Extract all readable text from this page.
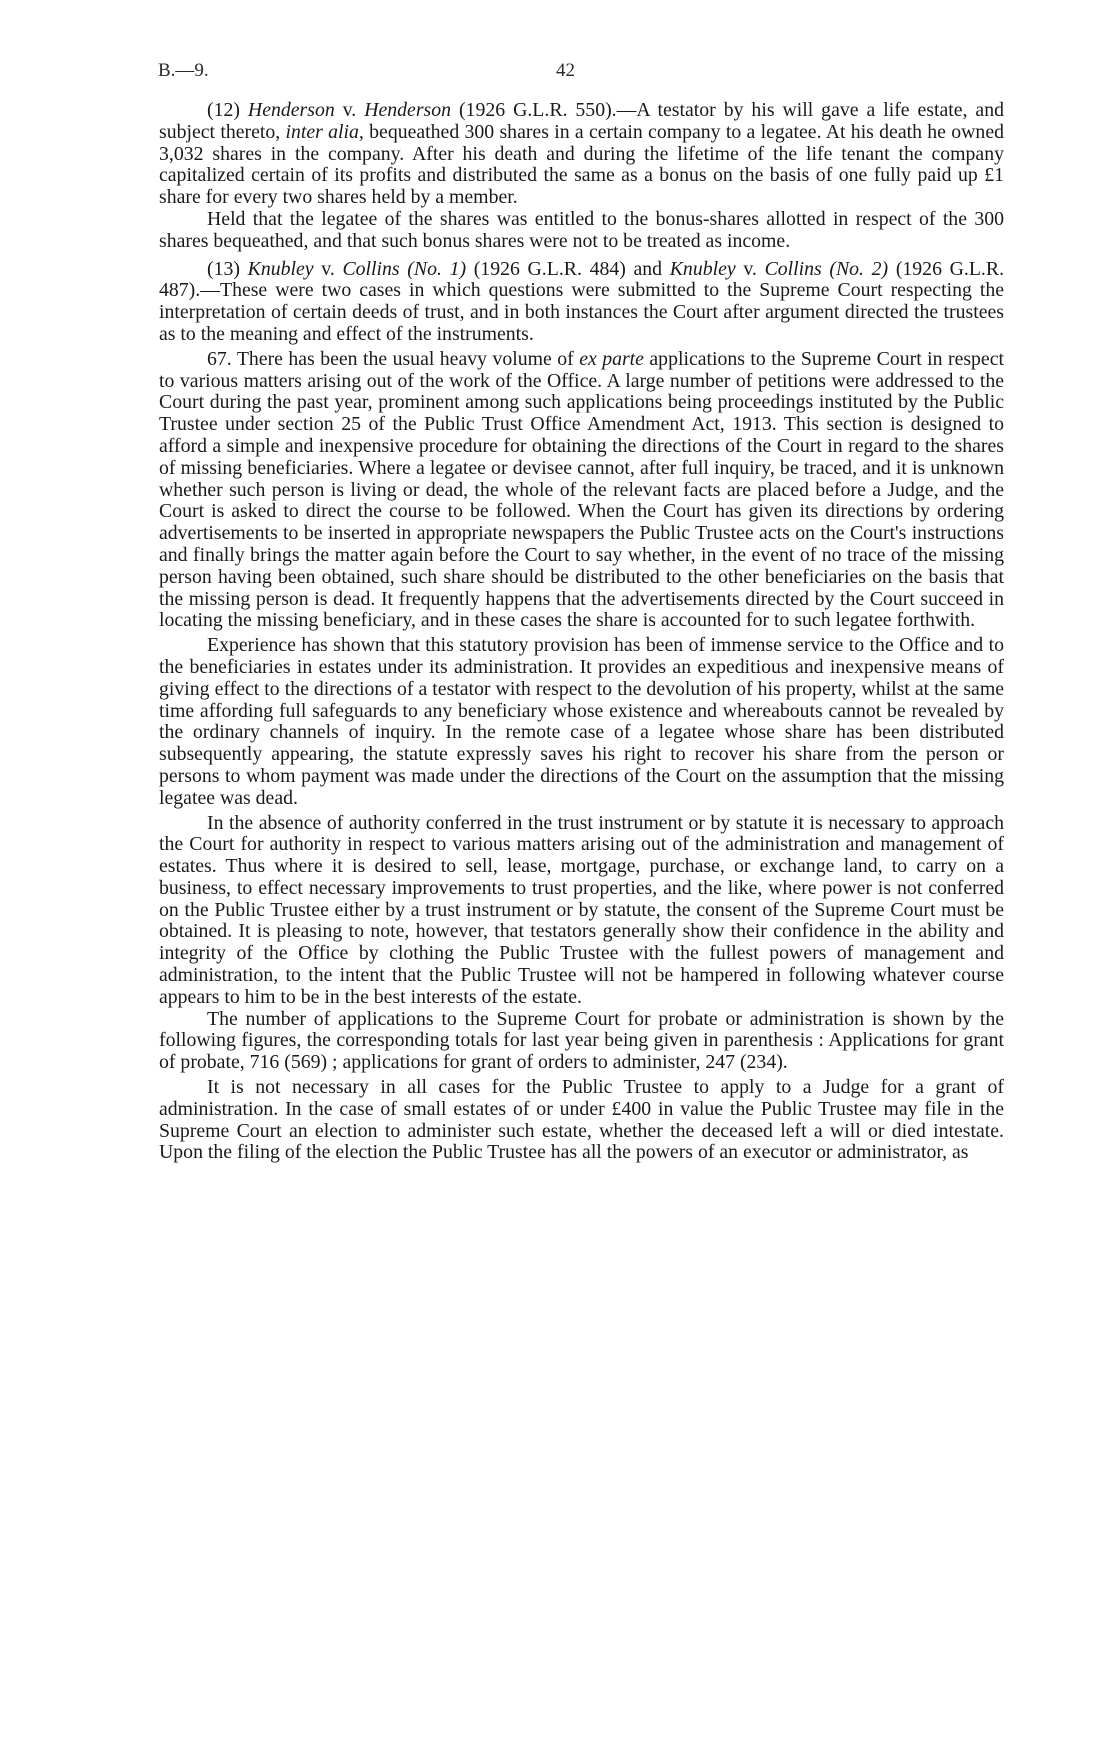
B.—9.	42

(12) Henderson v. Henderson (1926 G.L.R. 550).—A testator by his will gave a life estate, and subject thereto, inter alia, bequeathed 300 shares in a certain company to a legatee. At his death he owned 3,032 shares in the company. After his death and during the lifetime of the life tenant the company capitalized certain of its profits and distributed the same as a bonus on the basis of one fully paid up £1 share for every two shares held by a member.

Held that the legatee of the shares was entitled to the bonus-shares allotted in respect of the 300 shares bequeathed, and that such bonus shares were not to be treated as income.

(13) Knubley v. Collins (No. 1) (1926 G.L.R. 484) and Knubley v. Collins (No. 2) (1926 G.L.R. 487).—These were two cases in which questions were submitted to the Supreme Court respecting the interpretation of certain deeds of trust, and in both instances the Court after argument directed the trustees as to the meaning and effect of the instruments.

67. There has been the usual heavy volume of ex parte applications to the Supreme Court in respect to various matters arising out of the work of the Office. A large number of petitions were addressed to the Court during the past year, prominent among such applications being proceedings instituted by the Public Trustee under section 25 of the Public Trust Office Amendment Act, 1913. This section is designed to afford a simple and inexpensive procedure for obtaining the directions of the Court in regard to the shares of missing beneficiaries. Where a legatee or devisee cannot, after full inquiry, be traced, and it is unknown whether such person is living or dead, the whole of the relevant facts are placed before a Judge, and the Court is asked to direct the course to be followed. When the Court has given its directions by ordering advertisements to be inserted in appropriate newspapers the Public Trustee acts on the Court's instructions and finally brings the matter again before the Court to say whether, in the event of no trace of the missing person having been obtained, such share should be distributed to the other beneficiaries on the basis that the missing person is dead. It frequently happens that the advertisements directed by the Court succeed in locating the missing beneficiary, and in these cases the share is accounted for to such legatee forthwith.

Experience has shown that this statutory provision has been of immense service to the Office and to the beneficiaries in estates under its administration. It provides an expeditious and inexpensive means of giving effect to the directions of a testator with respect to the devolution of his property, whilst at the same time affording full safeguards to any beneficiary whose existence and whereabouts cannot be revealed by the ordinary channels of inquiry. In the remote case of a legatee whose share has been distributed subsequently appearing, the statute expressly saves his right to recover his share from the person or persons to whom payment was made under the directions of the Court on the assumption that the missing legatee was dead.

In the absence of authority conferred in the trust instrument or by statute it is necessary to approach the Court for authority in respect to various matters arising out of the administration and management of estates. Thus where it is desired to sell, lease, mortgage, purchase, or exchange land, to carry on a business, to effect necessary improvements to trust properties, and the like, where power is not conferred on the Public Trustee either by a trust instrument or by statute, the consent of the Supreme Court must be obtained. It is pleasing to note, however, that testators generally show their confidence in the ability and integrity of the Office by clothing the Public Trustee with the fullest powers of management and administration, to the intent that the Public Trustee will not be hampered in following whatever course appears to him to be in the best interests of the estate.

The number of applications to the Supreme Court for probate or administration is shown by the following figures, the corresponding totals for last year being given in parenthesis : Applications for grant of probate, 716 (569) ; applications for grant of orders to administer, 247 (234).

It is not necessary in all cases for the Public Trustee to apply to a Judge for a grant of administration. In the case of small estates of or under £400 in value the Public Trustee may file in the Supreme Court an election to administer such estate, whether the deceased left a will or died intestate. Upon the filing of the election the Public Trustee has all the powers of an executor or administrator, as
